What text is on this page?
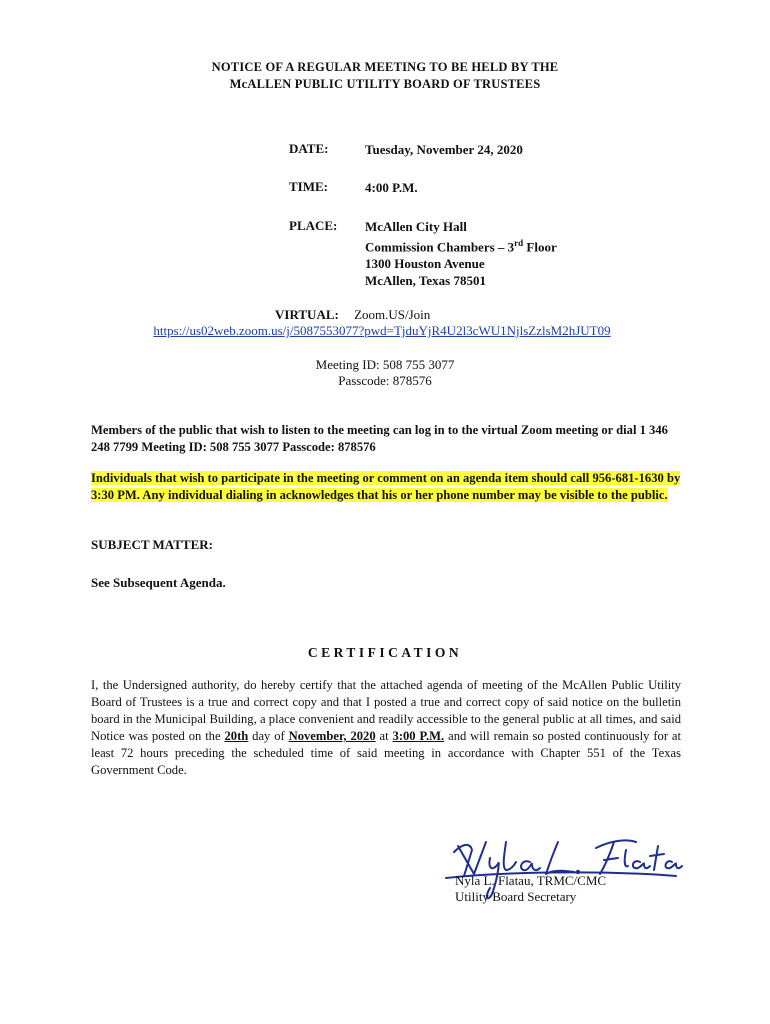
NOTICE OF A REGULAR MEETING TO BE HELD BY THE
McALLEN PUBLIC UTILITY BOARD OF TRUSTEES
DATE:	Tuesday, November 24, 2020
TIME:	4:00 P.M.
PLACE: McAllen City Hall
Commission Chambers – 3rd Floor
1300 Houston Avenue
McAllen, Texas 78501
VIRTUAL: Zoom.US/Join
https://us02web.zoom.us/j/5087553077?pwd=TjduYjR4U2l3cWU1NjlsZzlsM2hJUT09
Meeting ID: 508 755 3077
Passcode: 878576
Members of the public that wish to listen to the meeting can log in to the virtual Zoom meeting or dial 1 346 248 7799 Meeting ID: 508 755 3077 Passcode: 878576
Individuals that wish to participate in the meeting or comment on an agenda item should call 956-681-1630 by 3:30 PM. Any individual dialing in acknowledges that his or her phone number may be visible to the public.
SUBJECT MATTER:
See Subsequent Agenda.
CERTIFICATION
I, the Undersigned authority, do hereby certify that the attached agenda of meeting of the McAllen Public Utility Board of Trustees is a true and correct copy and that I posted a true and correct copy of said notice on the bulletin board in the Municipal Building, a place convenient and readily accessible to the general public at all times, and said Notice was posted on the 20th day of November, 2020 at 3:00 P.M. and will remain so posted continuously for at least 72 hours preceding the scheduled time of said meeting in accordance with Chapter 551 of the Texas Government Code.
Nyla L. Flatau, TRMC/CMC
Utility Board Secretary
